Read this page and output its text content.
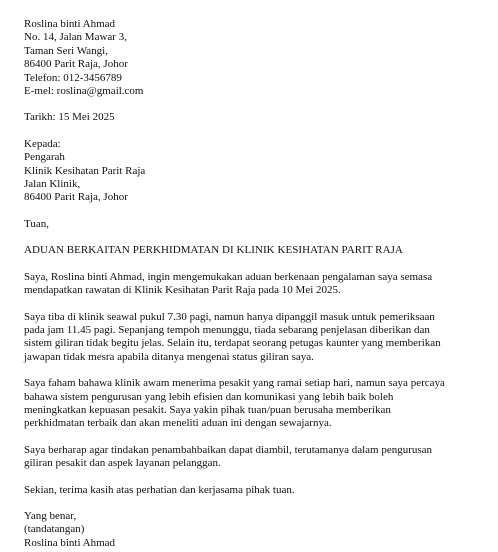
Roslina binti Ahmad
No. 14, Jalan Mawar 3,
Taman Seri Wangi,
86400 Parit Raja, Johor
Telefon: 012-3456789
E-mel: roslina@gmail.com
Tarikh: 15 Mei 2025
Kepada:
Pengarah
Klinik Kesihatan Parit Raja
Jalan Klinik,
86400 Parit Raja, Johor
Tuan,
ADUAN BERKAITAN PERKHIDMATAN DI KLINIK KESIHATAN PARIT RAJA
Saya, Roslina binti Ahmad, ingin mengemukakan aduan berkenaan pengalaman saya semasa
mendapatkan rawatan di Klinik Kesihatan Parit Raja pada 10 Mei 2025.
Saya tiba di klinik seawal pukul 7.30 pagi, namun hanya dipanggil masuk untuk pemeriksaan
pada jam 11.45 pagi. Sepanjang tempoh menunggu, tiada sebarang penjelasan diberikan dan
sistem giliran tidak begitu jelas. Selain itu, terdapat seorang petugas kaunter yang memberikan
jawapan tidak mesra apabila ditanya mengenai status giliran saya.
Saya faham bahawa klinik awam menerima pesakit yang ramai setiap hari, namun saya percaya
bahawa sistem pengurusan yang lebih efisien dan komunikasi yang lebih baik boleh
meningkatkan kepuasan pesakit. Saya yakin pihak tuan/puan berusaha memberikan
perkhidmatan terbaik dan akan meneliti aduan ini dengan sewajarnya.
Saya berharap agar tindakan penambahbaikan dapat diambil, terutamanya dalam pengurusan
giliran pesakit dan aspek layanan pelanggan.
Sekian, terima kasih atas perhatian dan kerjasama pihak tuan.
Yang benar,
(tandatangan)
Roslina binti Ahmad
